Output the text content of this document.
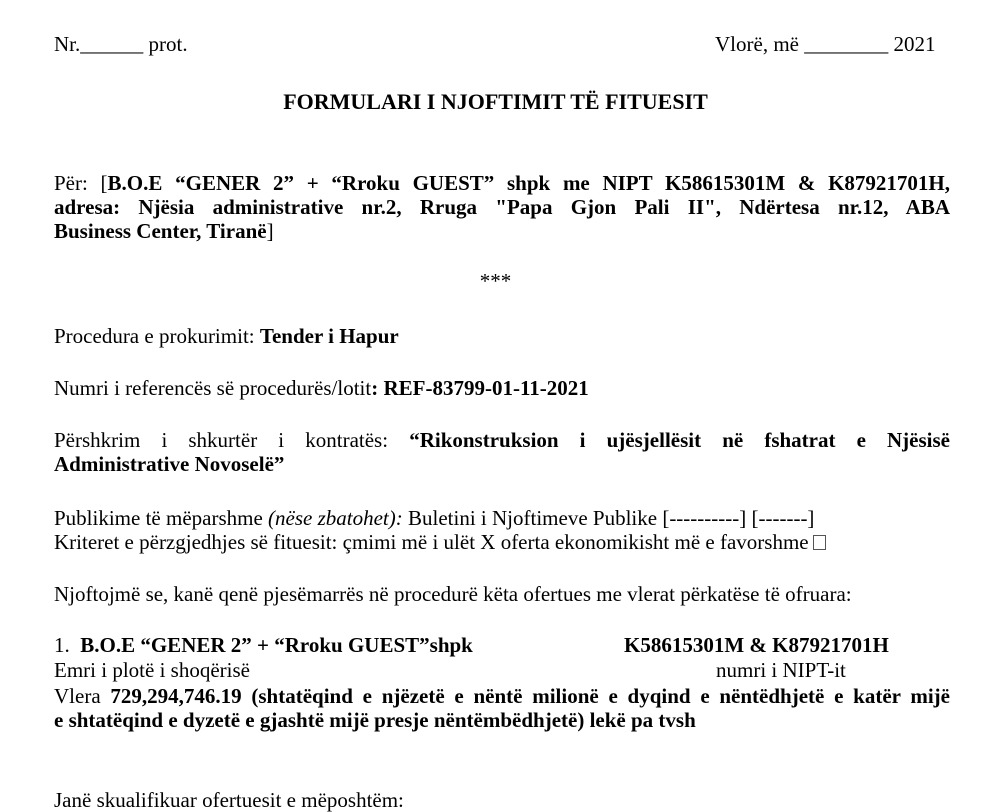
Nr.______ prot.	Vlorë, më ________ 2021
FORMULARI I NJOFTIMIT TË FITUESIT
Për: [B.O.E “GENER 2” + “Rroku GUEST” shpk me NIPT K58615301M & K87921701H,
adresa: Njësia administrative nr.2, Rruga "Papa Gjon Pali II", Ndërtesa nr.12, ABA
Business Center, Tiranë]
***
Procedura e prokurimit: Tender i Hapur
Numri i referencës së procedurës/lotit: REF-83799-01-11-2021
Përshkrim i shkurtër i kontratës: “Rikonstruksion i ujësjellësit në fshatrat e Njësisë
Administrative Novoselë”
Publikime të mëparshme (nëse zbatohet): Buletini i Njoftimeve Publike [----------] [-------]
Kriteret e përzgjedhjes së fituesit: çmimi më i ulët X oferta ekonomikisht më e favorshme
Njoftojmë se, kanë qenë pjesëmarrës në procedurë këta ofertues me vlerat përkatëse të ofruara:
1. B.O.E “GENER 2” + “Rroku GUEST”shpk	K58615301M & K87921701H
Emri i plotë i shoqërisë	numri i NIPT-it
Vlera 729,294,746.19 (shtatëqind e njëzetë e nëntë milionë e dyqind e nëntëdhjetë e katër mijë
e shtatëqind e dyzetë e gjashtë mijë presje nëntëmbëdhjetë) lekë pa tvsh
Janë skualifikuar ofertuesit e mëposhtëm:
